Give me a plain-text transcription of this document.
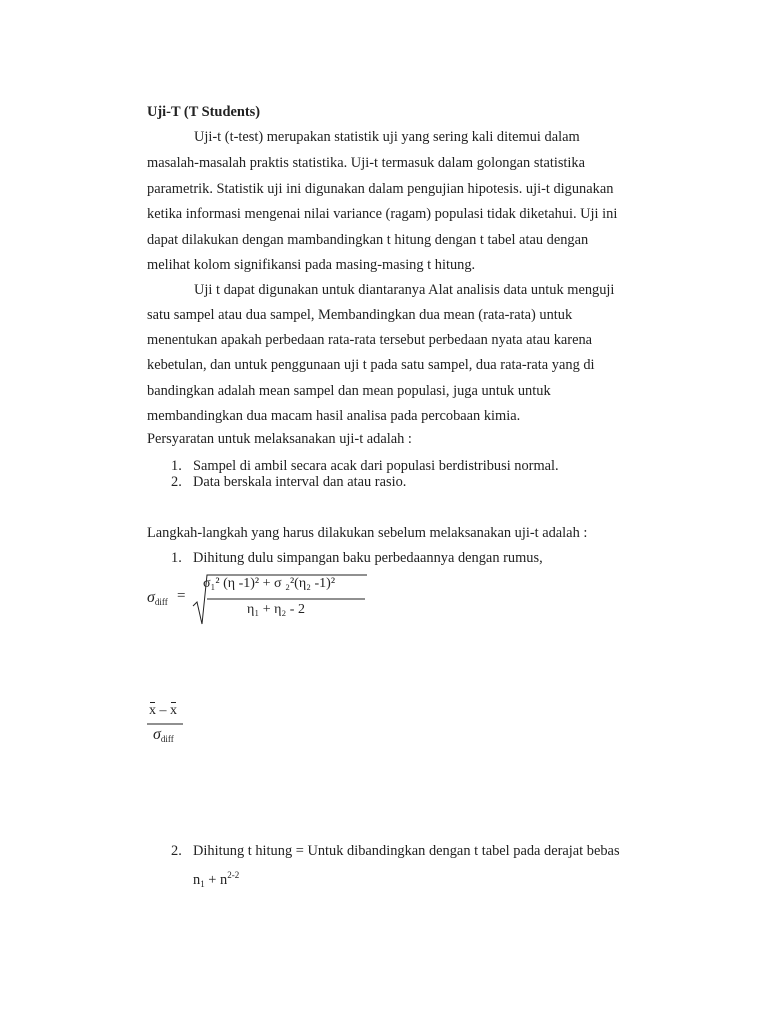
Uji-T (T Students)
Uji-t (t-test) merupakan statistik uji yang sering kali ditemui dalam
masalah-masalah praktis statistika. Uji-t termasuk dalam golongan statistika
parametrik. Statistik uji ini digunakan dalam pengujian hipotesis. uji-t digunakan
ketika informasi mengenai nilai variance (ragam) populasi tidak diketahui. Uji ini
dapat dilakukan dengan mambandingkan t hitung dengan t tabel atau dengan
melihat kolom signifikansi pada masing-masing t hitung.
Uji t dapat digunakan untuk diantaranya Alat analisis data untuk menguji
satu sampel atau dua sampel, Membandingkan dua mean (rata-rata) untuk
menentukan apakah perbedaan rata-rata tersebut perbedaan nyata atau karena
kebetulan, dan untuk penggunaan uji t pada satu sampel, dua rata-rata yang di
bandingkan adalah mean sampel dan mean populasi, juga untuk untuk
membandingkan dua macam hasil analisa pada percobaan kimia.
Persyaratan untuk melaksanakan uji-t adalah :
1. Sampel di ambil secara acak dari populasi berdistribusi normal.
2. Data berskala interval dan atau rasio.
Langkah-langkah yang harus dilakukan sebelum melaksanakan uji-t adalah :
1. Dihitung dulu simpangan baku perbedaannya dengan rumus,
$\sigma_{diff}$ =
σ₁² (η -1)² + σ ₂²(η₂ -1)²
η₁ + η₂ - 2
x – x
$\sigma_{diff}$
2. Dihitung t hitung = Untuk dibandingkan dengan t tabel pada derajat bebas
$n_1 + n^{2-2}$
